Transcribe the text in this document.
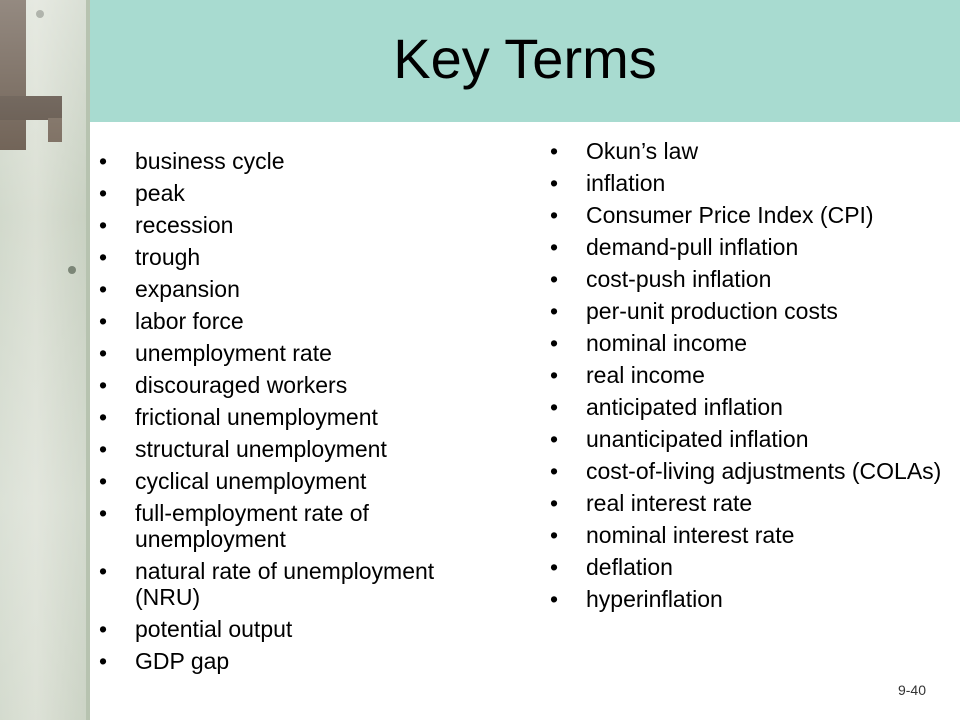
Key Terms
• business cycle
• peak
• recession
• trough
• expansion
• labor force
• unemployment rate
• discouraged workers
• frictional unemployment
• structural unemployment
• cyclical unemployment
• full-employment rate of unemployment
• natural rate of unemployment (NRU)
• potential output
• GDP gap
• Okun’s law
• inflation
• Consumer Price Index (CPI)
• demand-pull inflation
• cost-push inflation
• per-unit production costs
• nominal income
• real income
• anticipated inflation
• unanticipated inflation
• cost-of-living adjustments (COLAs)
• real interest rate
• nominal interest rate
• deflation
• hyperinflation
9-40
